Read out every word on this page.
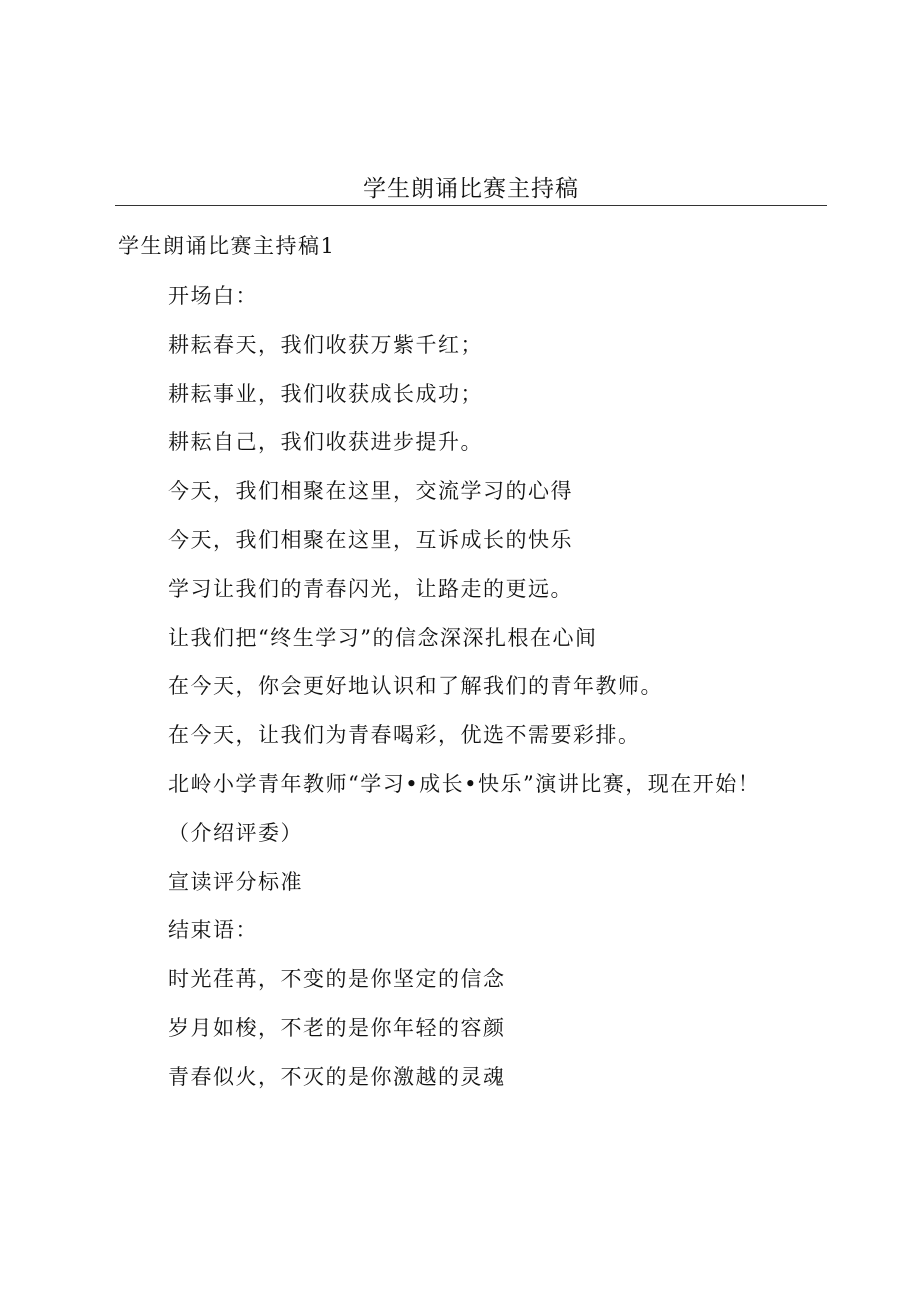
学生朗诵比赛主持稿
学生朗诵比赛主持稿1
开场白：
耕耘春天，我们收获万紫千红；
耕耘事业，我们收获成长成功；
耕耘自己，我们收获进步提升。
今天，我们相聚在这里，交流学习的心得
今天，我们相聚在这里，互诉成长的快乐
学习让我们的青春闪光，让路走的更远。
让我们把“终生学习”的信念深深扎根在心间
在今天，你会更好地认识和了解我们的青年教师。
在今天，让我们为青春喝彩，优选不需要彩排。
北岭小学青年教师“学习•成长•快乐”演讲比赛，现在开始！
（介绍评委）
宣读评分标准
结束语：
时光荏苒，不变的是你坚定的信念
岁月如梭，不老的是你年轻的容颜
青春似火，不灭的是你激越的灵魂
